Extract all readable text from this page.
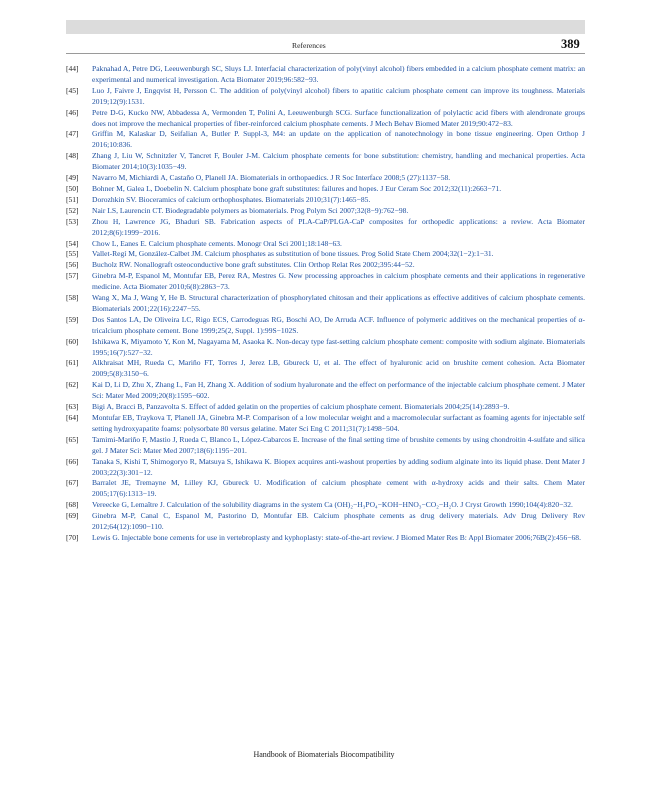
References	389
[44] Paknahad A, Petre DG, Leeuwenburgh SC, Sluys LJ. Interfacial characterization of poly(vinyl alcohol) fibers embedded in a calcium phosphate cement matrix: an experimental and numerical investigation. Acta Biomater 2019;96:582−93.
[45] Luo J, Faivre J, Engqvist H, Persson C. The addition of poly(vinyl alcohol) fibers to apatitic calcium phosphate cement can improve its toughness. Materials 2019;12(9):1531.
[46] Petre D-G, Kucko NW, Abbadessa A, Vermonden T, Polini A, Leeuwenburgh SCG. Surface functionalization of polylactic acid fibers with alendronate groups does not improve the mechanical properties of fiber-reinforced calcium phosphate cements. J Mech Behav Biomed Mater 2019;90:472−83.
[47] Griffin M, Kalaskar D, Seifalian A, Butler P. Suppl-3, M4: an update on the application of nanotechnology in bone tissue engineering. Open Orthop J 2016;10:836.
[48] Zhang J, Liu W, Schnitzler V, Tancret F, Bouler J-M. Calcium phosphate cements for bone substitution: chemistry, handling and mechanical properties. Acta Biomater 2014;10(3):1035−49.
[49] Navarro M, Michiardi A, Castaño O, Planell JA. Biomaterials in orthopaedics. J R Soc Interface 2008;5 (27):1137−58.
[50] Bohner M, Galea L, Doebelin N. Calcium phosphate bone graft substitutes: failures and hopes. J Eur Ceram Soc 2012;32(11):2663−71.
[51] Dorozhkin SV. Bioceramics of calcium orthophosphates. Biomaterials 2010;31(7):1465−85.
[52] Nair LS, Laurencin CT. Biodegradable polymers as biomaterials. Prog Polym Sci 2007;32(8−9):762−98.
[53] Zhou H, Lawrence JG, Bhaduri SB. Fabrication aspects of PLA-CaP/PLGA-CaP composites for orthopedic applications: a review. Acta Biomater 2012;8(6):1999−2016.
[54] Chow L, Eanes E. Calcium phosphate cements. Monogr Oral Sci 2001;18:148−63.
[55] Vallet-Regí M, González-Calbet JM. Calcium phosphates as substitution of bone tissues. Prog Solid State Chem 2004;32(1−2):1−31.
[56] Bucholz RW. Nonallograft osteoconductive bone graft substitutes. Clin Orthop Relat Res 2002;395:44−52.
[57] Ginebra M-P, Espanol M, Montufar EB, Perez RA, Mestres G. New processing approaches in calcium phosphate cements and their applications in regenerative medicine. Acta Biomater 2010;6(8):2863−73.
[58] Wang X, Ma J, Wang Y, He B. Structural characterization of phosphorylated chitosan and their applications as effective additives of calcium phosphate cements. Biomaterials 2001;22(16):2247−55.
[59] Dos Santos LA, De Oliveira LC, Rigo ECS, Carrodeguas RG, Boschi AO, De Arruda ACF. Influence of polymeric additives on the mechanical properties of α-tricalcium phosphate cement. Bone 1999;25(2, Suppl. 1):99S−102S.
[60] Ishikawa K, Miyamoto Y, Kon M, Nagayama M, Asaoka K. Non-decay type fast-setting calcium phosphate cement: composite with sodium alginate. Biomaterials 1995;16(7):527−32.
[61] Alkhraisat MH, Rueda C, Mariño FT, Torres J, Jerez LB, Gbureck U, et al. The effect of hyaluronic acid on brushite cement cohesion. Acta Biomater 2009;5(8):3150−6.
[62] Kai D, Li D, Zhu X, Zhang L, Fan H, Zhang X. Addition of sodium hyaluronate and the effect on performance of the injectable calcium phosphate cement. J Mater Sci: Mater Med 2009;20(8):1595−602.
[63] Bigi A, Bracci B, Panzavolta S. Effect of added gelatin on the properties of calcium phosphate cement. Biomaterials 2004;25(14):2893−9.
[64] Montufar EB, Traykova T, Planell JA, Ginebra M-P. Comparison of a low molecular weight and a macromolecular surfactant as foaming agents for injectable self setting hydroxyapatite foams: polysorbate 80 versus gelatine. Mater Sci Eng C 2011;31(7):1498−504.
[65] Tamimi-Mariño F, Mastio J, Rueda C, Blanco L, López-Cabarcos E. Increase of the final setting time of brushite cements by using chondroitin 4-sulfate and silica gel. J Mater Sci: Mater Med 2007;18(6):1195−201.
[66] Tanaka S, Kishi T, Shimogoryo R, Matsuya S, Ishikawa K. Biopex acquires anti-washout properties by adding sodium alginate into its liquid phase. Dent Mater J 2003;22(3):301−12.
[67] Barralet JE, Tremayne M, Lilley KJ, Gbureck U. Modification of calcium phosphate cement with α-hydroxy acids and their salts. Chem Mater 2005;17(6):1313−19.
[68] Vereecke G, Lemaître J. Calculation of the solubility diagrams in the system Ca (OH)₂−H₃PO₄−KOH−HNO₃−CO₂−H₂O. J Cryst Growth 1990;104(4):820−32.
[69] Ginebra M-P, Canal C, Espanol M, Pastorino D, Montufar EB. Calcium phosphate cements as drug delivery materials. Adv Drug Delivery Rev 2012;64(12):1090−110.
[70] Lewis G. Injectable bone cements for use in vertebroplasty and kyphoplasty: state-of-the-art review. J Biomed Mater Res B: Appl Biomater 2006;76B(2):456−68.
Handbook of Biomaterials Biocompatibility
